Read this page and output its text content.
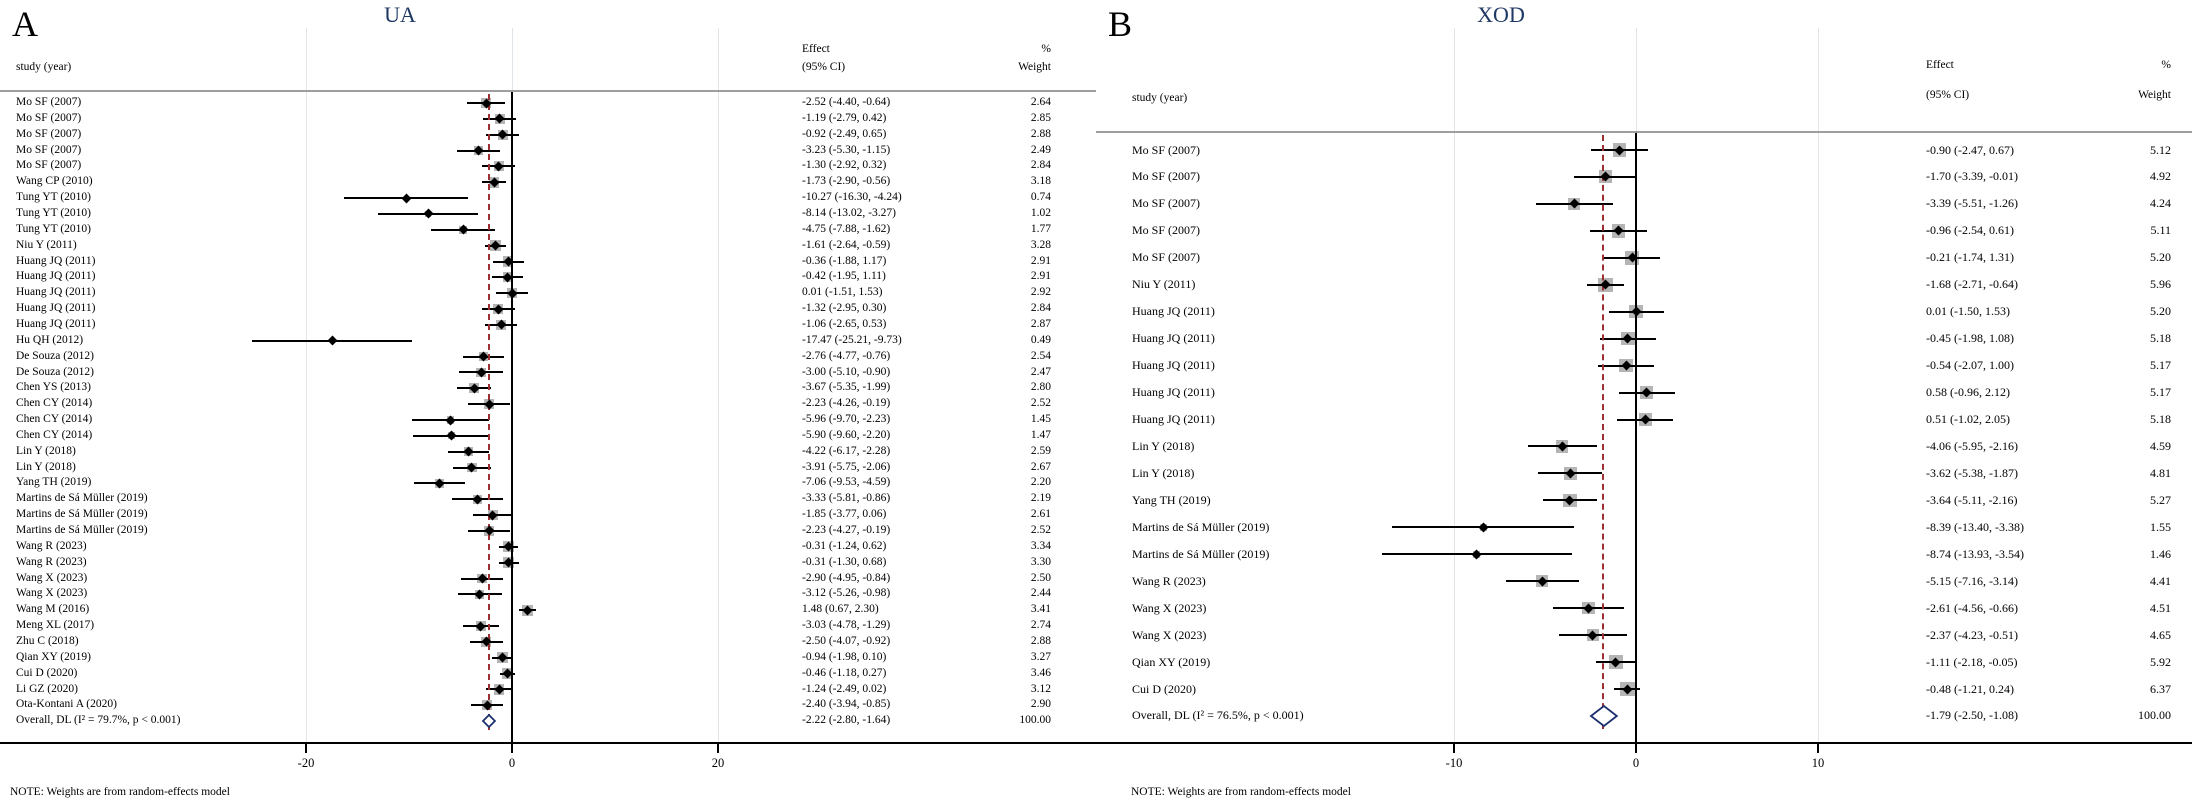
A	UA
study (year)
Effect
(95% CI)
%
Weight
NOTE: Weights are from random-effects model
Mo SF (2007)	-2.52 (-4.40, -0.64)	2.64
Mo SF (2007)	-1.19 (-2.79, 0.42)	2.85
Mo SF (2007)	-0.92 (-2.49, 0.65)	2.88
Mo SF (2007)	-3.23 (-5.30, -1.15)	2.49
Mo SF (2007)	-1.30 (-2.92, 0.32)	2.84
Wang CP (2010)	-1.73 (-2.90, -0.56)	3.18
Tung YT (2010)	-10.27 (-16.30, -4.24)	0.74
Tung YT (2010)	-8.14 (-13.02, -3.27)	1.02
Tung YT (2010)	-4.75 (-7.88, -1.62)	1.77
Niu Y (2011)	-1.61 (-2.64, -0.59)	3.28
Huang JQ (2011)	-0.36 (-1.88, 1.17)	2.91
Huang JQ (2011)	-0.42 (-1.95, 1.11)	2.91
Huang JQ (2011)	0.01 (-1.51, 1.53)	2.92
Huang JQ (2011)	-1.32 (-2.95, 0.30)	2.84
Huang JQ (2011)	-1.06 (-2.65, 0.53)	2.87
Hu QH (2012)	-17.47 (-25.21, -9.73)	0.49
De Souza (2012)	-2.76 (-4.77, -0.76)	2.54
De Souza (2012)	-3.00 (-5.10, -0.90)	2.47
Chen YS (2013)	-3.67 (-5.35, -1.99)	2.80
Chen CY (2014)	-2.23 (-4.26, -0.19)	2.52
Chen CY (2014)	-5.96 (-9.70, -2.23)	1.45
Chen CY (2014)	-5.90 (-9.60, -2.20)	1.47
Lin Y (2018)	-4.22 (-6.17, -2.28)	2.59
Lin Y (2018)	-3.91 (-5.75, -2.06)	2.67
Yang TH (2019)	-7.06 (-9.53, -4.59)	2.20
Martins de Sá Müller (2019)	-3.33 (-5.81, -0.86)	2.19
Martins de Sá Müller (2019)	-1.85 (-3.77, 0.06)	2.61
Martins de Sá Müller (2019)	-2.23 (-4.27, -0.19)	2.52
Wang R (2023)	-0.31 (-1.24, 0.62)	3.34
Wang R (2023)	-0.31 (-1.30, 0.68)	3.30
Wang X (2023)	-2.90 (-4.95, -0.84)	2.50
Wang X (2023)	-3.12 (-5.26, -0.98)	2.44
Wang M (2016)	1.48 (0.67, 2.30)	3.41
Meng XL (2017)	-3.03 (-4.78, -1.29)	2.74
Zhu C (2018)	-2.50 (-4.07, -0.92)	2.88
Qian XY (2019)	-0.94 (-1.98, 0.10)	3.27
Cui D (2020)	-0.46 (-1.18, 0.27)	3.46
Li GZ (2020)	-1.24 (-2.49, 0.02)	3.12
Ota-Kontani A (2020)	-2.40 (-3.94, -0.85)	2.90
Overall, DL (I² = 79.7%, p < 0.001)	-2.22 (-2.80, -1.64)	100.00
-20	0	20
B	XOD
study (year)
Effect
(95% CI)
%
Weight
NOTE: Weights are from random-effects model
Mo SF (2007)	-0.90 (-2.47, 0.67)	5.12
Mo SF (2007)	-1.70 (-3.39, -0.01)	4.92
Mo SF (2007)	-3.39 (-5.51, -1.26)	4.24
Mo SF (2007)	-0.96 (-2.54, 0.61)	5.11
Mo SF (2007)	-0.21 (-1.74, 1.31)	5.20
Niu Y (2011)	-1.68 (-2.71, -0.64)	5.96
Huang JQ (2011)	0.01 (-1.50, 1.53)	5.20
Huang JQ (2011)	-0.45 (-1.98, 1.08)	5.18
Huang JQ (2011)	-0.54 (-2.07, 1.00)	5.17
Huang JQ (2011)	0.58 (-0.96, 2.12)	5.17
Huang JQ (2011)	0.51 (-1.02, 2.05)	5.18
Lin Y (2018)	-4.06 (-5.95, -2.16)	4.59
Lin Y (2018)	-3.62 (-5.38, -1.87)	4.81
Yang TH (2019)	-3.64 (-5.11, -2.16)	5.27
Martins de Sá Müller (2019)	-8.39 (-13.40, -3.38)	1.55
Martins de Sá Müller (2019)	-8.74 (-13.93, -3.54)	1.46
Wang R (2023)	-5.15 (-7.16, -3.14)	4.41
Wang X (2023)	-2.61 (-4.56, -0.66)	4.51
Wang X (2023)	-2.37 (-4.23, -0.51)	4.65
Qian XY (2019)	-1.11 (-2.18, -0.05)	5.92
Cui D (2020)	-0.48 (-1.21, 0.24)	6.37
Overall, DL (I² = 76.5%, p < 0.001)	-1.79 (-2.50, -1.08)	100.00
-10	0	10
